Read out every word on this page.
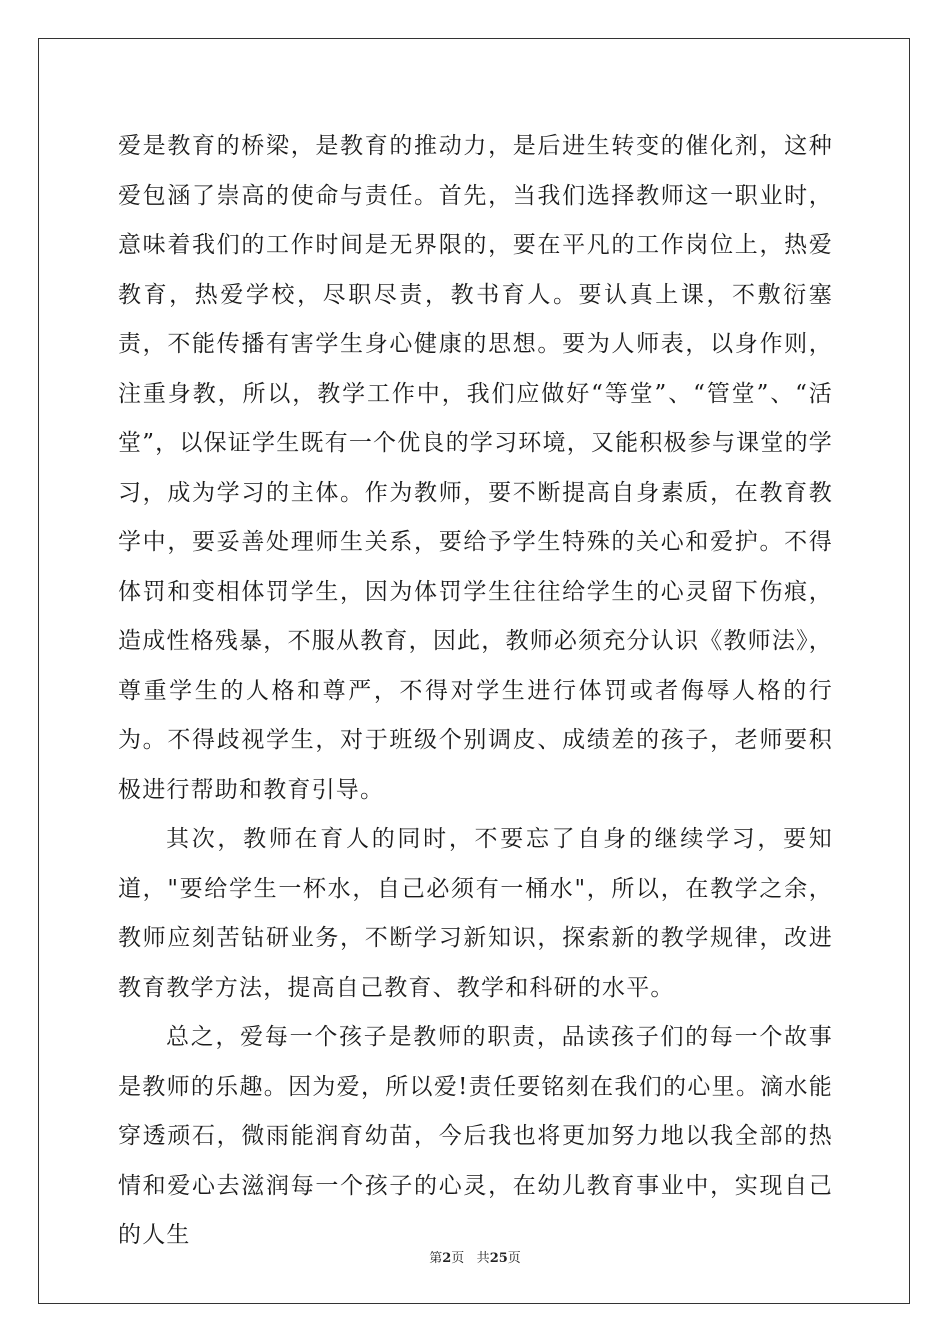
爱是教育的桥梁，是教育的推动力，是后进生转变的催化剂，这种爱包涵了崇高的使命与责任。首先，当我们选择教师这一职业时，意味着我们的工作时间是无界限的，要在平凡的工作岗位上，热爱教育，热爱学校，尽职尽责，教书育人。要认真上课，不敷衍塞责，不能传播有害学生身心健康的思想。要为人师表，以身作则，注重身教，所以，教学工作中，我们应做好“等堂”、“管堂”、“活堂”，以保证学生既有一个优良的学习环境，又能积极参与课堂的学习，成为学习的主体。作为教师，要不断提高自身素质，在教育教学中，要妥善处理师生关系，要给予学生特殊的关心和爱护。不得体罚和变相体罚学生，因为体罚学生往往给学生的心灵留下伤痕，造成性格残暴，不服从教育，因此，教师必须充分认识《教师法》，尊重学生的人格和尊严，不得对学生进行体罚或者侮辱人格的行为。不得歧视学生，对于班级个别调皮、成绩差的孩子，老师要积极进行帮助和教育引导。

其次，教师在育人的同时，不要忘了自身的继续学习，要知道，"要给学生一杯水，自己必须有一桶水"，所以，在教学之余，教师应刻苦钻研业务，不断学习新知识，探索新的教学规律，改进教育教学方法，提高自己教育、教学和科研的水平。

总之，爱每一个孩子是教师的职责，品读孩子们的每一个故事是教师的乐趣。因为爱，所以爱!责任要铭刻在我们的心里。滴水能穿透顽石，微雨能润育幼苗，今后我也将更加努力地以我全部的热情和爱心去滋润每一个孩子的心灵，在幼儿教育事业中，实现自己的人生

第2页 共25页
